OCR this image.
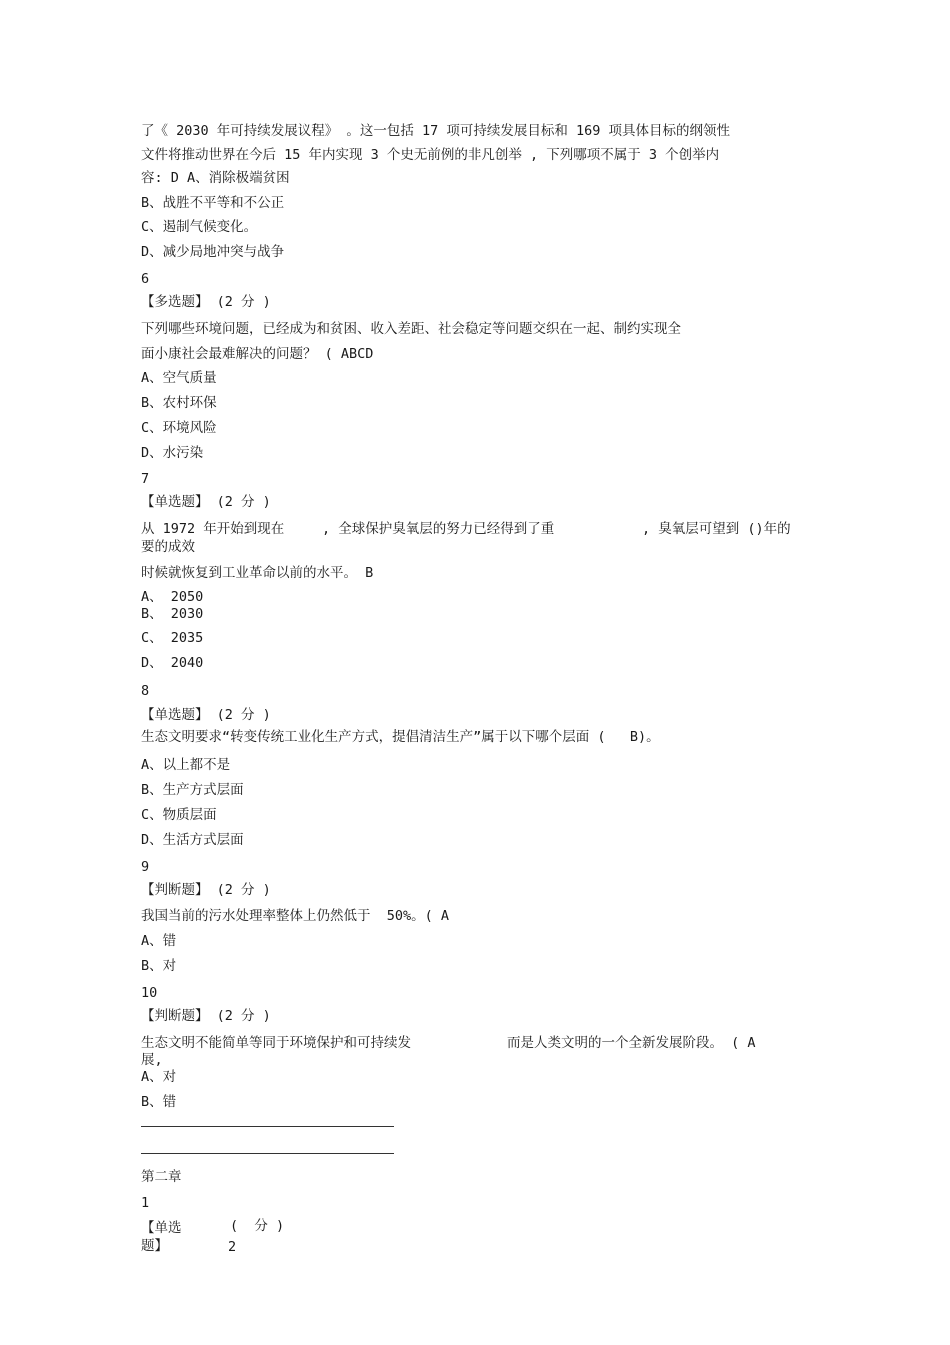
了《 2030 年可持续发展议程》 。这一包括 17 项可持续发展目标和 169 项具体目标的纲领性
文件将推动世界在今后 15 年内实现 3 个史无前例的非凡创举 , 下列哪项不属于 3 个创举内
容: D A、消除极端贫困
B、战胜不平等和不公正
C、遏制气候变化。
D、减少局地冲突与战争
6
【多选题】 (2 分 )
下列哪些环境问题，已经成为和贫困、收入差距、社会稳定等问题交织在一起、制约实现全
面小康社会最难解决的问题？ ( ABCD
A、空气质量
B、农村环保
C、环境风险
D、水污染
7
【单选题】 (2 分 )
从 1972 年开始到现在	, 全球保护臭氧层的努力已经得到了重	, 臭氧层可望到 ()年的
要的成效
时候就恢复到工业革命以前的水平。 B
A、 2050
B、 2030
C、 2035
D、 2040
8
【单选题】 (2 分 )
生态文明要求“转变传统工业化生产方式，提倡清洁生产”属于以下哪个层面 (   B)。
A、以上都不是
B、生产方式层面
C、物质层面
D、生活方式层面
9
【判断题】 (2 分 )
我国当前的污水处理率整体上仍然低于  50%。( A
A、错
B、对
10
【判断题】 (2 分 )
生态文明不能简单等同于环境保护和可持续发	而是人类文明的一个全新发展阶段。 ( A
展,
A、对
B、错
第二章
1
【单选
题】
(  分 )
2
